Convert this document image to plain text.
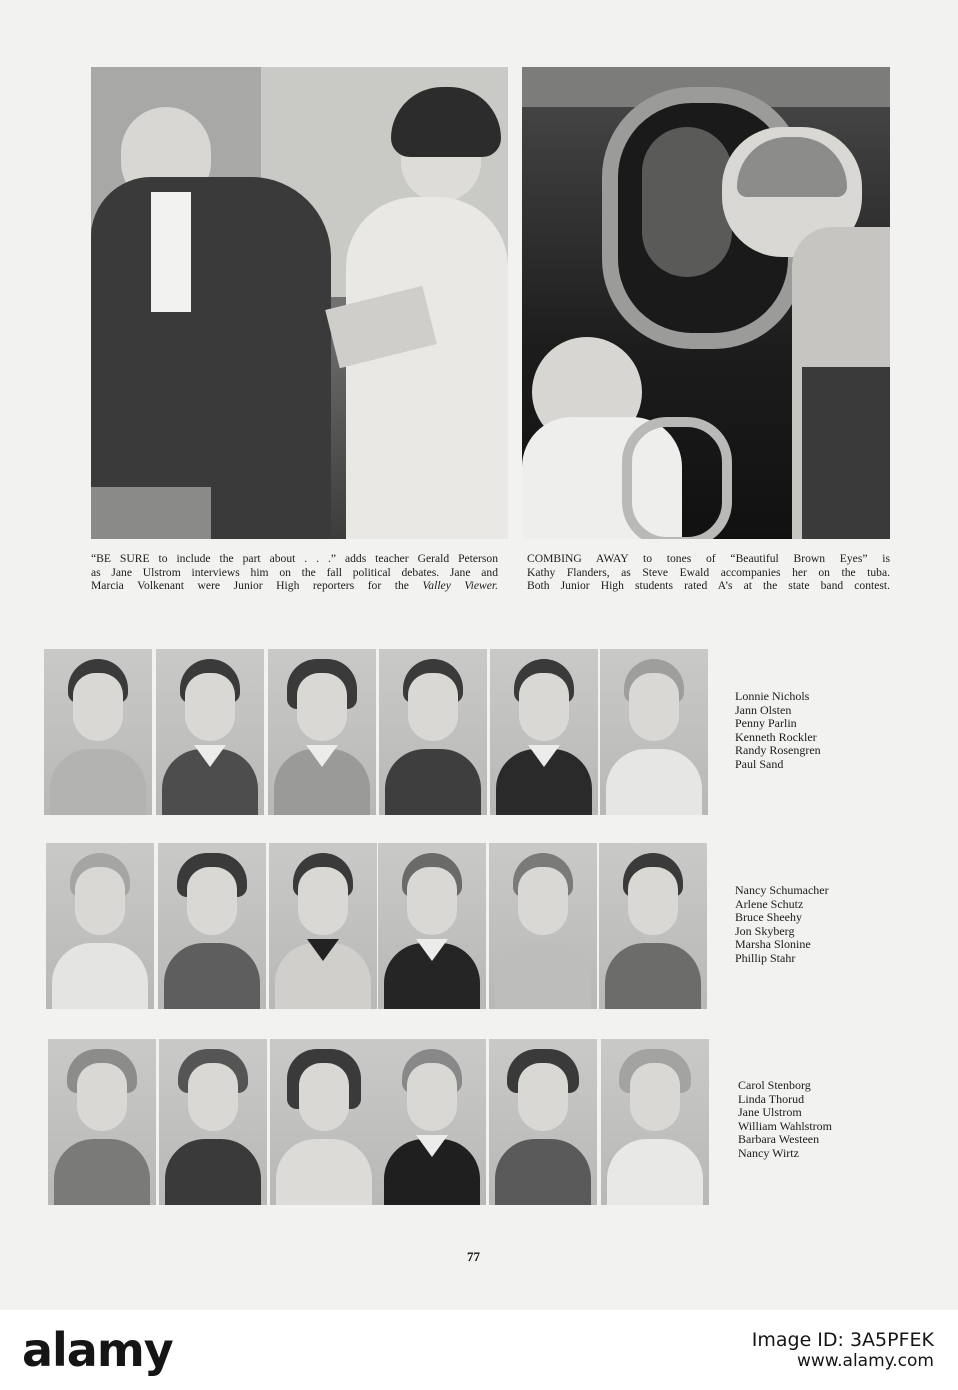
“BE SURE to include the part about . . .” adds teacher Gerald Peterson
as Jane Ulstrom interviews him on the fall political debates. Jane and
Marcia Volkenant were Junior High reporters for the Valley Viewer.
COMBING AWAY to tones of “Beautiful Brown Eyes” is
Kathy Flanders, as Steve Ewald accompanies her on the tuba.
Both Junior High students rated A’s at the state band contest.
Lonnie Nichols
Jann Olsten
Penny Parlin
Kenneth Rockler
Randy Rosengren
Paul Sand
Nancy Schumacher
Arlene Schutz
Bruce Sheehy
Jon Skyberg
Marsha Slonine
Phillip Stahr
Carol Stenborg
Linda Thorud
Jane Ulstrom
William Wahlstrom
Barbara Westeen
Nancy Wirtz
77
alamy	Image ID: 3A5PFEK
www.alamy.com
